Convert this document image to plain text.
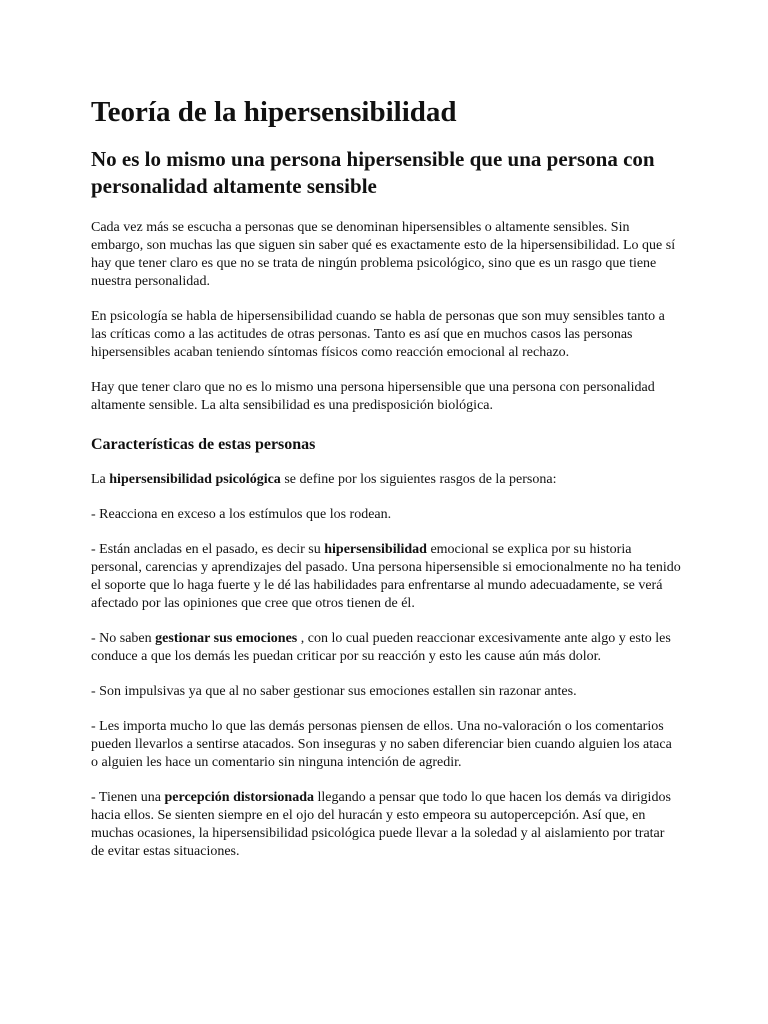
Teoría de la hipersensibilidad
No es lo mismo una persona hipersensible que una persona con personalidad altamente sensible

Cada vez más se escucha a personas que se denominan hipersensibles o altamente sensibles. Sin embargo, son muchas las que siguen sin saber qué es exactamente esto de la hipersensibilidad. Lo que sí hay que tener claro es que no se trata de ningún problema psicológico, sino que es un rasgo que tiene nuestra personalidad.

En psicología se habla de hipersensibilidad cuando se habla de personas que son muy sensibles tanto a las críticas como a las actitudes de otras personas. Tanto es así que en muchos casos las personas hipersensibles acaban teniendo síntomas físicos como reacción emocional al rechazo.

Hay que tener claro que no es lo mismo una persona hipersensible que una persona con personalidad altamente sensible. La alta sensibilidad es una predisposición biológica.

Características de estas personas

La hipersensibilidad psicológica se define por los siguientes rasgos de la persona:

- Reacciona en exceso a los estímulos que los rodean.

- Están ancladas en el pasado, es decir su hipersensibilidad emocional se explica por su historia personal, carencias y aprendizajes del pasado. Una persona hipersensible si emocionalmente no ha tenido el soporte que lo haga fuerte y le dé las habilidades para enfrentarse al mundo adecuadamente, se verá afectado por las opiniones que cree que otros tienen de él.

- No saben gestionar sus emociones , con lo cual pueden reaccionar excesivamente ante algo y esto les conduce a que los demás les puedan criticar por su reacción y esto les cause aún más dolor.

- Son impulsivas ya que al no saber gestionar sus emociones estallen sin razonar antes.

- Les importa mucho lo que las demás personas piensen de ellos. Una no-valoración o los comentarios pueden llevarlos a sentirse atacados. Son inseguras y no saben diferenciar bien cuando alguien los ataca o alguien les hace un comentario sin ninguna intención de agredir.

- Tienen una percepción distorsionada llegando a pensar que todo lo que hacen los demás va dirigidos hacia ellos. Se sienten siempre en el ojo del huracán y esto empeora su autopercepción. Así que, en muchas ocasiones, la hipersensibilidad psicológica puede llevar a la soledad y al aislamiento por tratar de evitar estas situaciones.
